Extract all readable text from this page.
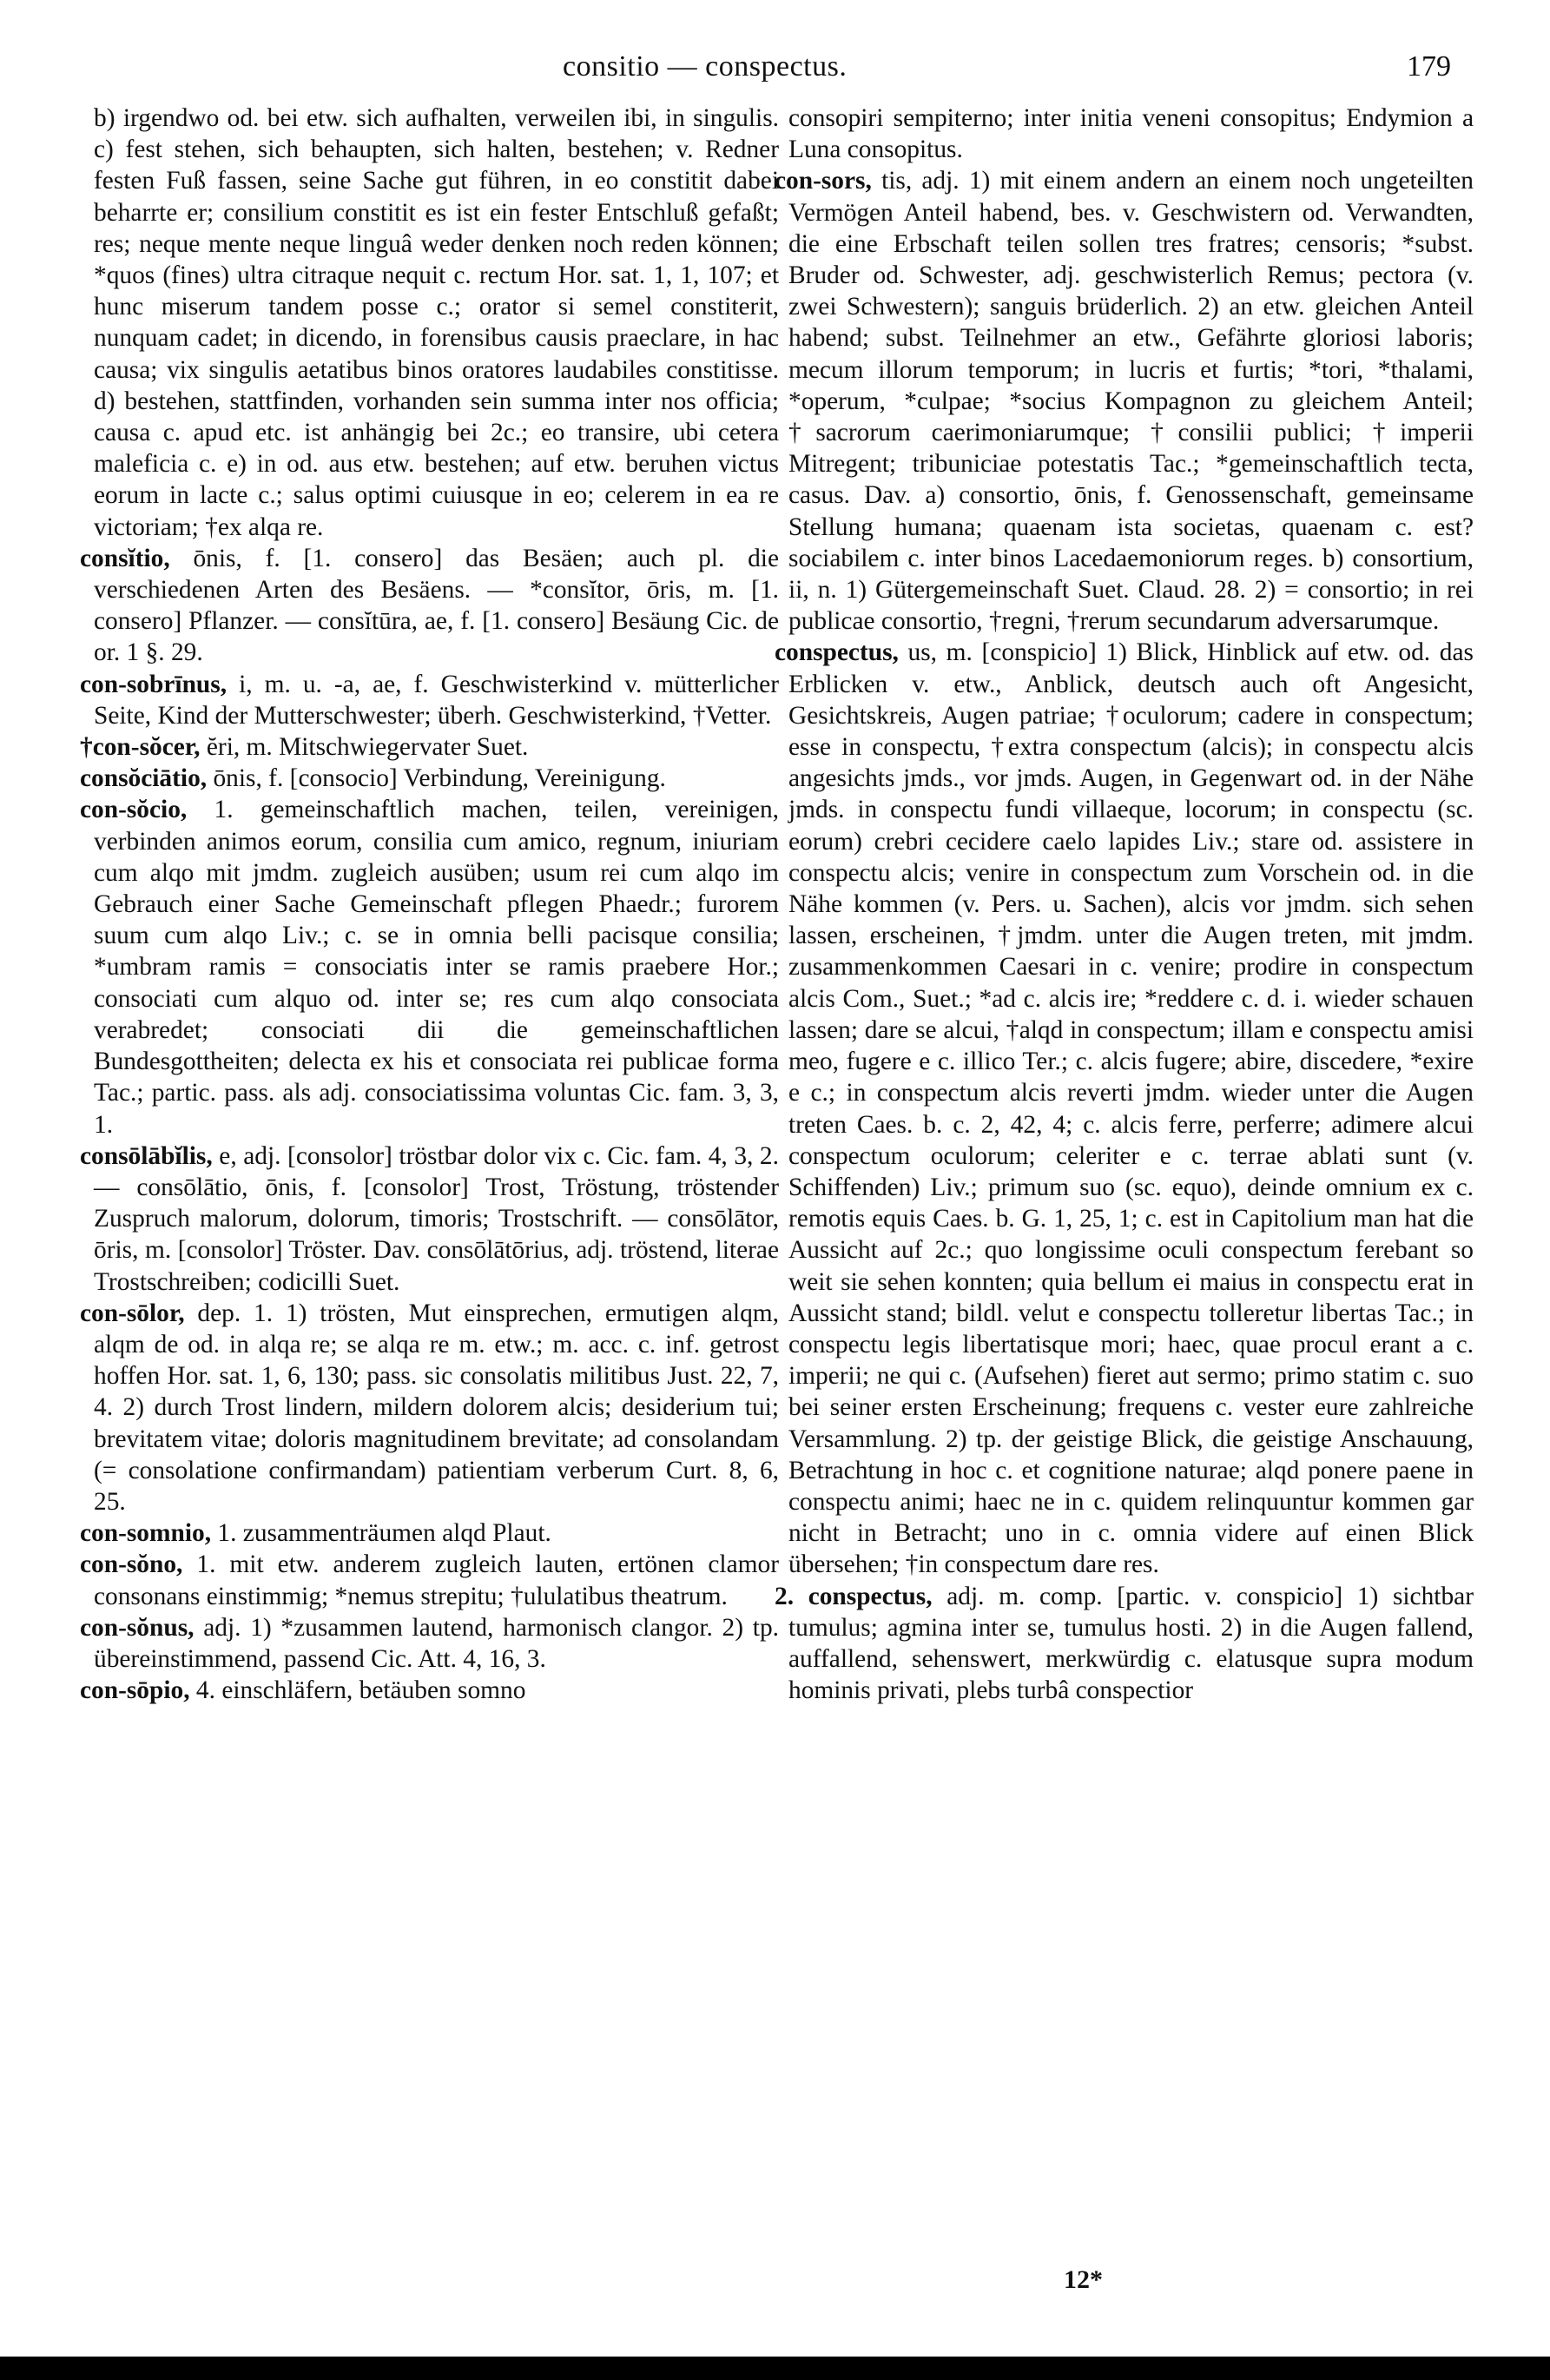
consitio — conspectus.	179

b) irgendwo od. bei etw. sich aufhalten, verweilen ibi, in singulis. c) fest stehen, sich behaupten, sich halten, bestehen; v. Redner festen Fuß fassen, seine Sache gut führen, in eo constitit dabei beharrte er; consilium constitit es ist ein fester Entschluß gefaßt; res; neque mente neque linguâ weder denken noch reden können; *quos (fines) ultra citraque nequit c. rectum Hor. sat. 1, 1, 107; et hunc miserum tandem posse c.; orator si semel constiterit, nunquam cadet; in dicendo, in forensibus causis praeclare, in hac causa; vix singulis aetatibus binos oratores laudabiles constitisse. d) bestehen, stattfinden, vorhanden sein summa inter nos officia; causa c. apud etc. ist anhängig bei 2c.; eo transire, ubi cetera maleficia c. e) in od. aus etw. bestehen; auf etw. beruhen victus eorum in lacte c.; salus optimi cuiusque in eo; celerem in ea re victoriam; †ex alqa re.

consĭtio, ōnis, f. [1. consero] das Besäen; auch pl. die verschiedenen Arten des Besäens. — *consĭtor, ōris, m. [1. consero] Pflanzer. — consĭtūra, ae, f. [1. consero] Besäung Cic. de or. 1 §. 29.

con-sobrīnus, i, m. u. -a, ae, f. Geschwisterkind v. mütterlicher Seite, Kind der Mutterschwester; überh. Geschwisterkind, †Vetter.

†con-sŏcer, ĕri, m. Mitschwiegervater Suet.

consŏciātio, ōnis, f. [consocio] Verbindung, Vereinigung.

con-sŏcio, 1. gemeinschaftlich machen, teilen, vereinigen, verbinden animos eorum, consilia cum amico, regnum, iniuriam cum alqo mit jmdm. zugleich ausüben; usum rei cum alqo im Gebrauch einer Sache Gemeinschaft pflegen Phaedr.; furorem suum cum alqo Liv.; c. se in omnia belli pacisque consilia; *umbram ramis = consociatis inter se ramis praebere Hor.; consociati cum alquo od. inter se; res cum alqo consociata verabredet; consociati dii die gemeinschaftlichen Bundesgottheiten; delecta ex his et consociata rei publicae forma Tac.; partic. pass. als adj. consociatissima voluntas Cic. fam. 3, 3, 1.

consōlābĭlis, e, adj. [consolor] tröstbar dolor vix c. Cic. fam. 4, 3, 2. — consōlātio, ōnis, f. [consolor] Trost, Tröstung, tröstender Zuspruch malorum, dolorum, timoris; Trostschrift. — consōlātor, ōris, m. [consolor] Tröster. Dav. consōlātōrius, adj. tröstend, literae Trostschreiben; codicilli Suet.

con-sōlor, dep. 1. 1) trösten, Mut einsprechen, ermutigen alqm, alqm de od. in alqa re; se alqa re m. etw.; m. acc. c. inf. getrost hoffen Hor. sat. 1, 6, 130; pass. sic consolatis militibus Just. 22, 7, 4. 2) durch Trost lindern, mildern dolorem alcis; desiderium tui; brevitatem vitae; doloris magnitudinem brevitate; ad consolandam (= consolatione confirmandam) patientiam verberum Curt. 8, 6, 25.

con-somnio, 1. zusammenträumen alqd Plaut.

con-sŏno, 1. mit etw. anderem zugleich lauten, ertönen clamor consonans einstimmig; *nemus strepitu; †ululatibus theatrum.

con-sŏnus, adj. 1) *zusammen lautend, harmonisch clangor. 2) tp. übereinstimmend, passend Cic. Att. 4, 16, 3.

con-sōpio, 4. einschläfern, betäuben somno

consopiri sempiterno; inter initia veneni consopitus; Endymion a Luna consopitus.

con-sors, tis, adj. 1) mit einem andern an einem noch ungeteilten Vermögen Anteil habend, bes. v. Geschwistern od. Verwandten, die eine Erbschaft teilen sollen tres fratres; censoris; *subst. Bruder od. Schwester, adj. geschwisterlich Remus; pectora (v. zwei Schwestern); sanguis brüderlich. 2) an etw. gleichen Anteil habend; subst. Teilnehmer an etw., Gefährte gloriosi laboris; mecum illorum temporum; in lucris et furtis; *tori, *thalami, *operum, *culpae; *socius Kompagnon zu gleichem Anteil; †sacrorum caerimoniarumque; †consilii publici; †imperii Mitregent; tribuniciae potestatis Tac.; *gemeinschaftlich tecta, casus. Dav. a) consortio, ōnis, f. Genossenschaft, gemeinsame Stellung humana; quaenam ista societas, quaenam c. est? sociabilem c. inter binos Lacedaemoniorum reges. b) consortium, ii, n. 1) Gütergemeinschaft Suet. Claud. 28. 2) = consortio; in rei publicae consortio, †regni, †rerum secundarum adversarumque.

conspectus, us, m. [conspicio] 1) Blick, Hinblick auf etw. od. das Erblicken v. etw., Anblick, deutsch auch oft Angesicht, Gesichtskreis, Augen patriae; †oculorum; cadere in conspectum; esse in conspectu, †extra conspectum (alcis); in conspectu alcis angesichts jmds., vor jmds. Augen, in Gegenwart od. in der Nähe jmds. in conspectu fundi villaeque, locorum; in conspectu (sc. eorum) crebri cecidere caelo lapides Liv.; stare od. assistere in conspectu alcis; venire in conspectum zum Vorschein od. in die Nähe kommen (v. Pers. u. Sachen), alcis vor jmdm. sich sehen lassen, erscheinen, †jmdm. unter die Augen treten, mit jmdm. zusammenkommen Caesari in c. venire; prodire in conspectum alcis Com., Suet.; *ad c. alcis ire; *reddere c. d. i. wieder schauen lassen; dare se alcui, †alqd in conspectum; illam e conspectu amisi meo, fugere e c. illico Ter.; c. alcis fugere; abire, discedere, *exire e c.; in conspectum alcis reverti jmdm. wieder unter die Augen treten Caes. b. c. 2, 42, 4; c. alcis ferre, perferre; adimere alcui conspectum oculorum; celeriter e c. terrae ablati sunt (v. Schiffenden) Liv.; primum suo (sc. equo), deinde omnium ex c. remotis equis Caes. b. G. 1, 25, 1; c. est in Capitolium man hat die Aussicht auf 2c.; quo longissime oculi conspectum ferebant so weit sie sehen konnten; quia bellum ei maius in conspectu erat in Aussicht stand; bildl. velut e conspectu tolleretur libertas Tac.; in conspectu legis libertatisque mori; haec, quae procul erant a c. imperii; ne qui c. (Aufsehen) fieret aut sermo; primo statim c. suo bei seiner ersten Erscheinung; frequens c. vester eure zahlreiche Versammlung. 2) tp. der geistige Blick, die geistige Anschauung, Betrachtung in hoc c. et cognitione naturae; alqd ponere paene in conspectu animi; haec ne in c. quidem relinquuntur kommen gar nicht in Betracht; uno in c. omnia videre auf einen Blick übersehen; †in conspectum dare res.

2. conspectus, adj. m. comp. [partic. v. conspicio] 1) sichtbar tumulus; agmina inter se, tumulus hosti. 2) in die Augen fallend, auffallend, sehenswert, merkwürdig c. elatusque supra modum hominis privati, plebs turbâ conspectior

12*
